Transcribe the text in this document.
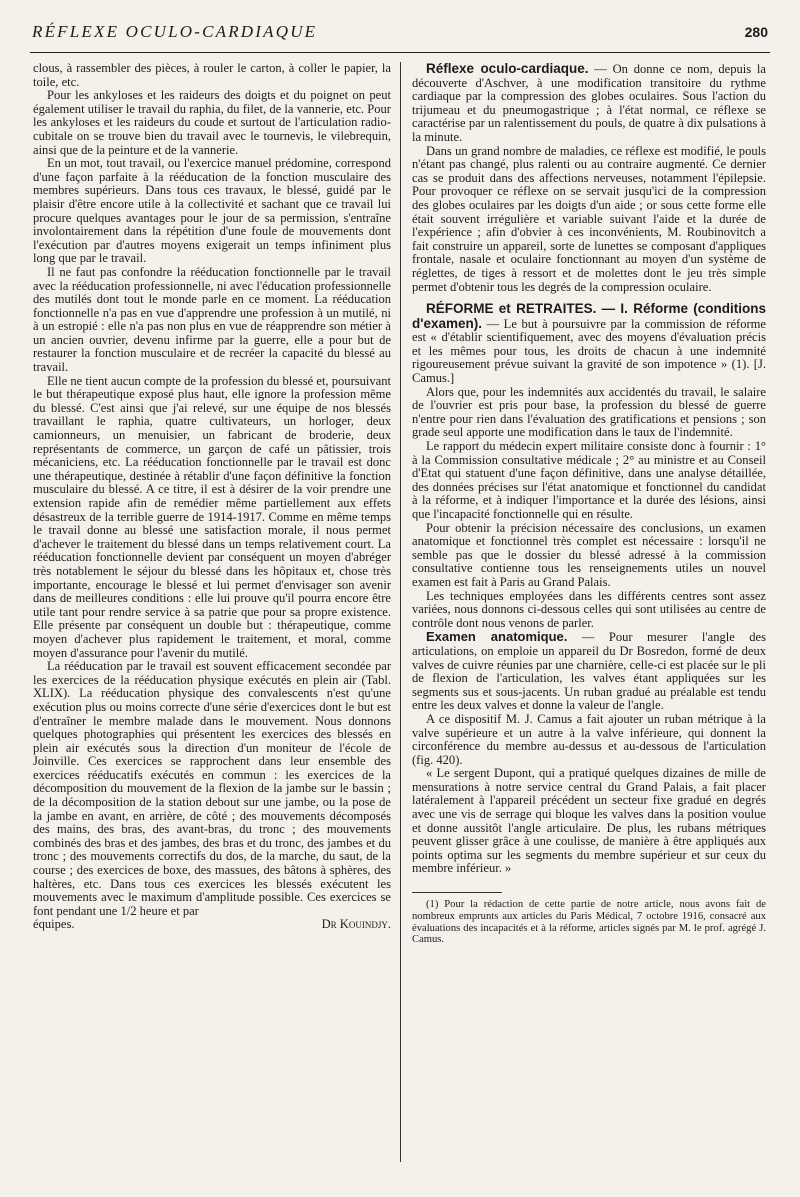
RÉFLEXE OCULO-CARDIAQUE	280

clous, à rassembler des pièces, à rouler le carton, à coller le papier, la toile, etc.

Pour les ankyloses et les raideurs des doigts et du poignet on peut également utiliser le travail du raphia, du filet, de la vannerie, etc. Pour les ankyloses et les raideurs du coude et surtout de l'articulation radio-cubitale on se trouve bien du travail avec le tournevis, le vilebrequin, ainsi que de la peinture et de la vannerie.

En un mot, tout travail, ou l'exercice manuel prédomine, correspond d'une façon parfaite à la rééducation de la fonction musculaire des membres supérieurs. Dans tous ces travaux, le blessé, guidé par le plaisir d'être encore utile à la collectivité et sachant que ce travail lui procure quelques avantages pour le jour de sa permission, s'entraîne involontairement dans la répétition d'une foule de mouvements dont l'exécution par d'autres moyens exigerait un temps infiniment plus long que par le travail.

Il ne faut pas confondre la rééducation fonctionnelle par le travail avec la rééducation professionnelle, ni avec l'éducation professionnelle des mutilés dont tout le monde parle en ce moment. La rééducation fonctionnelle n'a pas en vue d'apprendre une profession à un mutilé, ni à un estropié : elle n'a pas non plus en vue de réapprendre son métier à un ancien ouvrier, devenu infirme par la guerre, elle a pour but de restaurer la fonction musculaire et de recréer la capacité du blessé au travail.

Elle ne tient aucun compte de la profession du blessé et, poursuivant le but thérapeutique exposé plus haut, elle ignore la profession même du blessé. C'est ainsi que j'ai relevé, sur une équipe de nos blessés travaillant le raphia, quatre cultivateurs, un horloger, deux camionneurs, un menuisier, un fabricant de broderie, deux représentants de commerce, un garçon de café un pâtissier, trois mécaniciens, etc. La rééducation fonctionnelle par le travail est donc une thérapeutique, destinée à rétablir d'une façon définitive la fonction musculaire du blessé. A ce titre, il est à désirer de la voir prendre une extension rapide afin de remédier même partiellement aux effets désastreux de la terrible guerre de 1914-1917. Comme en même temps le travail donne au blessé une satisfaction morale, il nous permet d'achever le traitement du blessé dans un temps relativement court. La rééducation fonctionnelle devient par conséquent un moyen d'abréger très notablement le séjour du blessé dans les hôpitaux et, chose très importante, encourage le blessé et lui permet d'envisager son avenir dans de meilleures conditions : elle lui prouve qu'il pourra encore être utile tant pour rendre service à sa patrie que pour sa propre existence. Elle présente par conséquent un double but : thérapeutique, comme moyen d'achever plus rapidement le traitement, et moral, comme moyen d'assurance pour l'avenir du mutilé.

La rééducation par le travail est souvent efficacement secondée par les exercices de la rééducation physique exécutés en plein air (Tabl. XLIX). La rééducation physique des convalescents n'est qu'une exécution plus ou moins correcte d'une série d'exercices dont le but est d'entraîner le membre malade dans le mouvement. Nous donnons quelques photographies qui présentent les exercices des blessés en plein air exécutés sous la direction d'un moniteur de l'école de Joinville. Ces exercices se rapprochent dans leur ensemble des exercices rééducatifs exécutés en commun : les exercices de la décomposition du mouvement de la flexion de la jambe sur le bassin ; de la décomposition de la station debout sur une jambe, ou la pose de la jambe en avant, en arrière, de côté ; des mouvements décomposés des mains, des bras, des avant-bras, du tronc ; des mouvements combinés des bras et des jambes, des bras et du tronc, des jambes et du tronc ; des mouvements correctifs du dos, de la marche, du saut, de la course ; des exercices de boxe, des massues, des bâtons à sphères, des haltères, etc. Dans tous ces exercices les blessés exécutent les mouvements avec le maximum d'amplitude possible. Ces exercices se font pendant une 1/2 heure et par

équipes.	Dr Kouindjy.

Réflexe oculo-cardiaque. — On donne ce nom, depuis la découverte d'Aschver, à une modification transitoire du rythme cardiaque par la compression des globes oculaires. Sous l'action du trijumeau et du pneumogastrique ; à l'état normal, ce réflexe se caractérise par un ralentissement du pouls, de quatre à dix pulsations à la minute.

Dans un grand nombre de maladies, ce réflexe est modifié, le pouls n'étant pas changé, plus ralenti ou au contraire augmenté. Ce dernier cas se produit dans des affections nerveuses, notamment l'épilepsie. Pour provoquer ce réflexe on se servait jusqu'ici de la compression des globes oculaires par les doigts d'un aide ; or sous cette forme elle était souvent irrégulière et variable suivant l'aide et la durée de l'expérience ; afin d'obvier à ces inconvénients, M. Roubinovitch a fait construire un appareil, sorte de lunettes se composant d'appliques frontale, nasale et oculaire fonctionnant au moyen d'un système de réglettes, de tiges à ressort et de molettes dont le jeu très simple permet d'obtenir tous les degrés de la compression oculaire.

RÉFORME et RETRAITES. — I. Réforme (conditions d'examen). — Le but à poursuivre par la commission de réforme est « d'établir scientifiquement, avec des moyens d'évaluation précis et les mêmes pour tous, les droits de chacun à une indemnité rigoureusement prévue suivant la gravité de son impotence » (1). [J. Camus.]

Alors que, pour les indemnités aux accidentés du travail, le salaire de l'ouvrier est pris pour base, la profession du blessé de guerre n'entre pour rien dans l'évaluation des gratifications et pensions ; son grade seul apporte une modification dans le taux de l'indemnité.

Le rapport du médecin expert militaire consiste donc à fournir : 1° à la Commission consultative médicale ; 2° au ministre et au Conseil d'Etat qui statuent d'une façon définitive, dans une analyse détaillée, des données précises sur l'état anatomique et fonctionnel du candidat à la réforme, et à indiquer l'importance et la durée des lésions, ainsi que l'incapacité fonctionnelle qui en résulte.

Pour obtenir la précision nécessaire des conclusions, un examen anatomique et fonctionnel très complet est nécessaire : lorsqu'il ne semble pas que le dossier du blessé adressé à la commission consultative contienne tous les renseignements utiles un nouvel examen est fait à Paris au Grand Palais.

Les techniques employées dans les différents centres sont assez variées, nous donnons ci-dessous celles qui sont utilisées au centre de contrôle dont nous venons de parler.

Examen anatomique. — Pour mesurer l'angle des articulations, on emploie un appareil du Dr Bosredon, formé de deux valves de cuivre réunies par une charnière, celle-ci est placée sur le pli de flexion de l'articulation, les valves étant appliquées sur les segments sus et sous-jacents. Un ruban gradué au préalable est tendu entre les deux valves et donne la valeur de l'angle.

A ce dispositif M. J. Camus a fait ajouter un ruban métrique à la valve supérieure et un autre à la valve inférieure, qui donnent la circonférence du membre au-dessus et au-dessous de l'articulation (fig. 420).

« Le sergent Dupont, qui a pratiqué quelques dizaines de mille de mensurations à notre service central du Grand Palais, a fait placer latéralement à l'appareil précédent un secteur fixe gradué en degrés avec une vis de serrage qui bloque les valves dans la position voulue et donne aussitôt l'angle articulaire. De plus, les rubans métriques peuvent glisser grâce à une coulisse, de manière à être appliqués aux points optima sur les segments du membre supérieur et sur ceux du membre inférieur. »

(1) Pour la rédaction de cette partie de notre article, nous avons fait de nombreux emprunts aux articles du Paris Médical, 7 octobre 1916, consacré aux évaluations des incapacités et à la réforme, articles signés par M. le prof. agrégé J. Camus.
